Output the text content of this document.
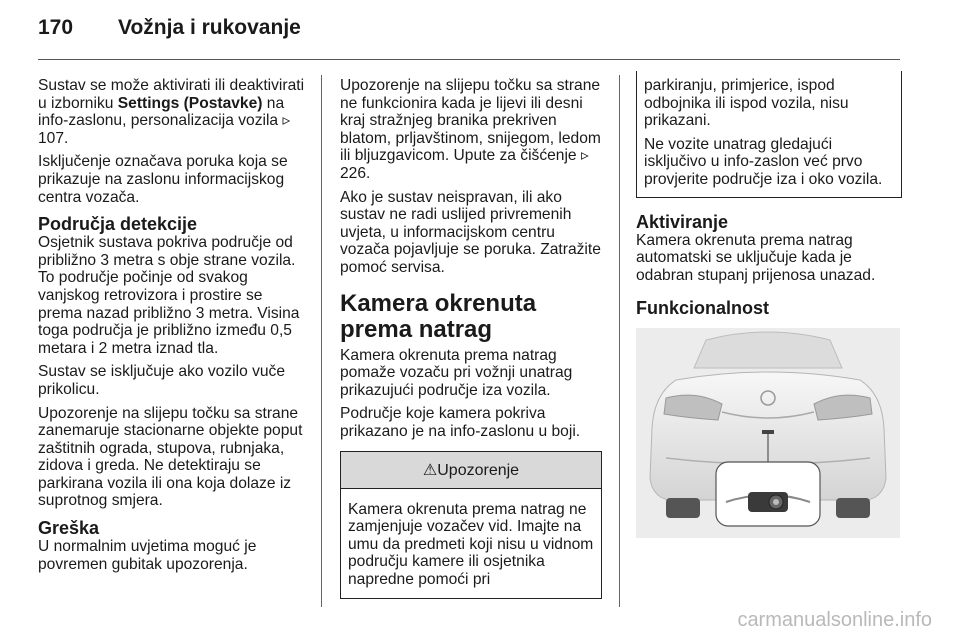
170 Vožnja i rukovanje

Sustav se može aktivirati ili deaktivirati u izborniku Settings (Postavke) na info-zaslonu, personalizacija vozila ▹ 107.

Isključenje označava poruka koja se prikazuje na zaslonu informacijskog centra vozača.

Područja detekcije

Osjetnik sustava pokriva područje od približno 3 metra s obje strane vozila. To područje počinje od svakog vanjskog retrovizora i prostire se prema nazad približno 3 metra. Visina toga područja je približno između 0,5 metara i 2 metra iznad tla.

Sustav se isključuje ako vozilo vuče prikolicu.

Upozorenje na slijepu točku sa strane zanemaruje stacionarne objekte poput zaštitnih ograda, stupova, rubnjaka, zidova i greda. Ne detektiraju se parkirana vozila ili ona koja dolaze iz suprotnog smjera.

Greška

U normalnim uvjetima moguć je povremen gubitak upozorenja.

Upozorenje na slijepu točku sa strane ne funkcionira kada je lijevi ili desni kraj stražnjeg branika prekriven blatom, prljavštinom, snijegom, ledom ili bljuzgavicom. Upute za čišćenje ▹ 226.

Ako je sustav neispravan, ili ako sustav ne radi uslijed privremenih uvjeta, u informacijskom centru vozača pojavljuje se poruka. Zatražite pomoć servisa.

Kamera okrenuta prema natrag

Kamera okrenuta prema natrag pomaže vozaču pri vožnji unatrag prikazujući područje iza vozila.

Područje koje kamera pokriva prikazano je na info-zaslonu u boji.

⚠Upozorenje
Kamera okrenuta prema natrag ne zamjenjuje vozačev vid. Imajte na umu da predmeti koji nisu u vidnom području kamere ili osjetnika napredne pomoći pri

parkiranju, primjerice, ispod odbojnika ili ispod vozila, nisu prikazani.

Ne vozite unatrag gledajući isključivo u info-zaslon već prvo provjerite područje iza i oko vozila.

Aktiviranje

Kamera okrenuta prema natrag automatski se uključuje kada je odabran stupanj prijenosa unazad.

Funkcionalnost
carmanualsonline.info
